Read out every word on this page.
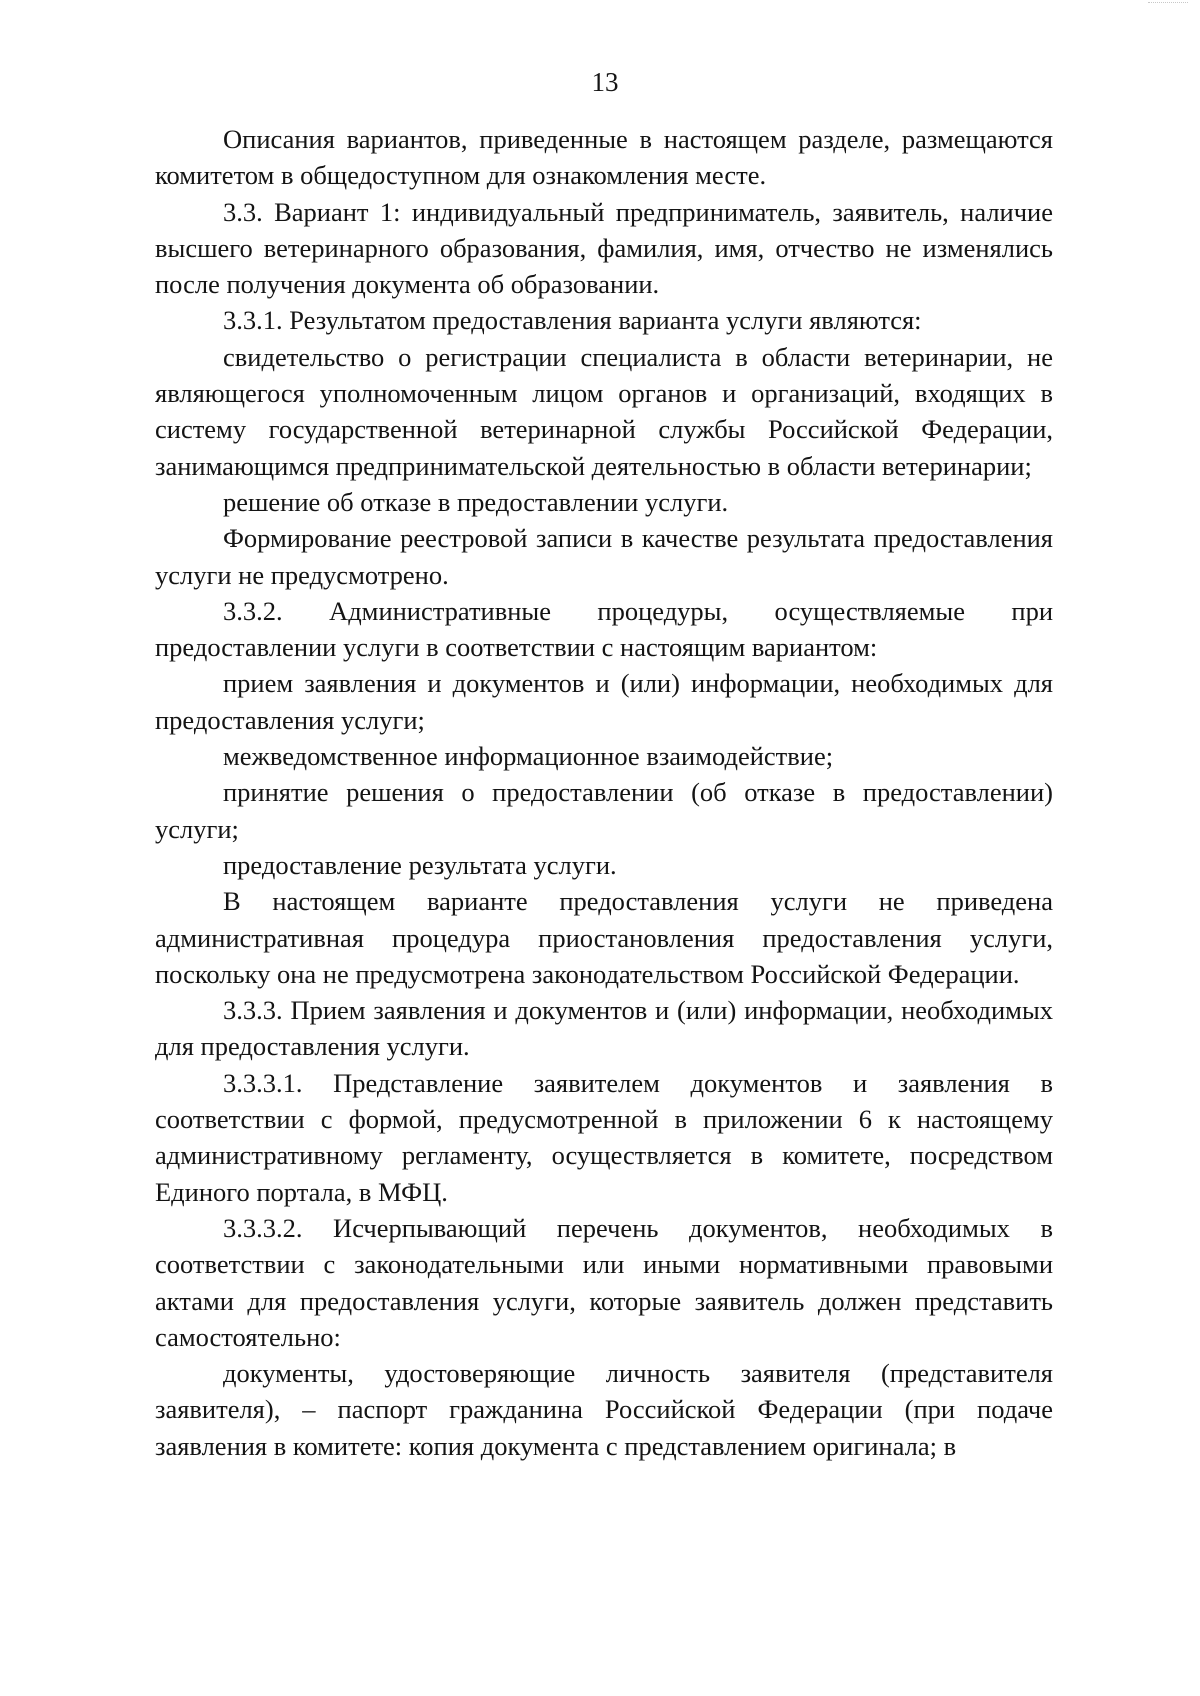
13

Описания вариантов, приведенные в настоящем разделе, размещаются комитетом в общедоступном для ознакомления месте.

3.3. Вариант 1: индивидуальный предприниматель, заявитель, наличие высшего ветеринарного образования, фамилия, имя, отчество не изменялись после получения документа об образовании.

3.3.1. Результатом предоставления варианта услуги являются:

свидетельство о регистрации специалиста в области ветеринарии, не являющегося уполномоченным лицом органов и организаций, входящих в систему государственной ветеринарной службы Российской Федерации, занимающимся предпринимательской деятельностью в области ветеринарии;

решение об отказе в предоставлении услуги.

Формирование реестровой записи в качестве результата предоставления услуги не предусмотрено.

3.3.2. Административные процедуры, осуществляемые при предоставлении услуги в соответствии с настоящим вариантом:

прием заявления и документов и (или) информации, необходимых для предоставления услуги;

межведомственное информационное взаимодействие;

принятие решения о предоставлении (об отказе в предоставлении) услуги;

предоставление результата услуги.

В настоящем варианте предоставления услуги не приведена административная процедура приостановления предоставления услуги, поскольку она не предусмотрена законодательством Российской Федерации.

3.3.3. Прием заявления и документов и (или) информации, необходимых для предоставления услуги.

3.3.3.1. Представление заявителем документов и заявления в соответствии с формой, предусмотренной в приложении 6 к настоящему административному регламенту, осуществляется в комитете, посредством Единого портала, в МФЦ.

3.3.3.2. Исчерпывающий перечень документов, необходимых в соответствии с законодательными или иными нормативными правовыми актами для предоставления услуги, которые заявитель должен представить самостоятельно:

документы, удостоверяющие личность заявителя (представителя заявителя), – паспорт гражданина Российской Федерации (при подаче заявления в комитете: копия документа с представлением оригинала; в
